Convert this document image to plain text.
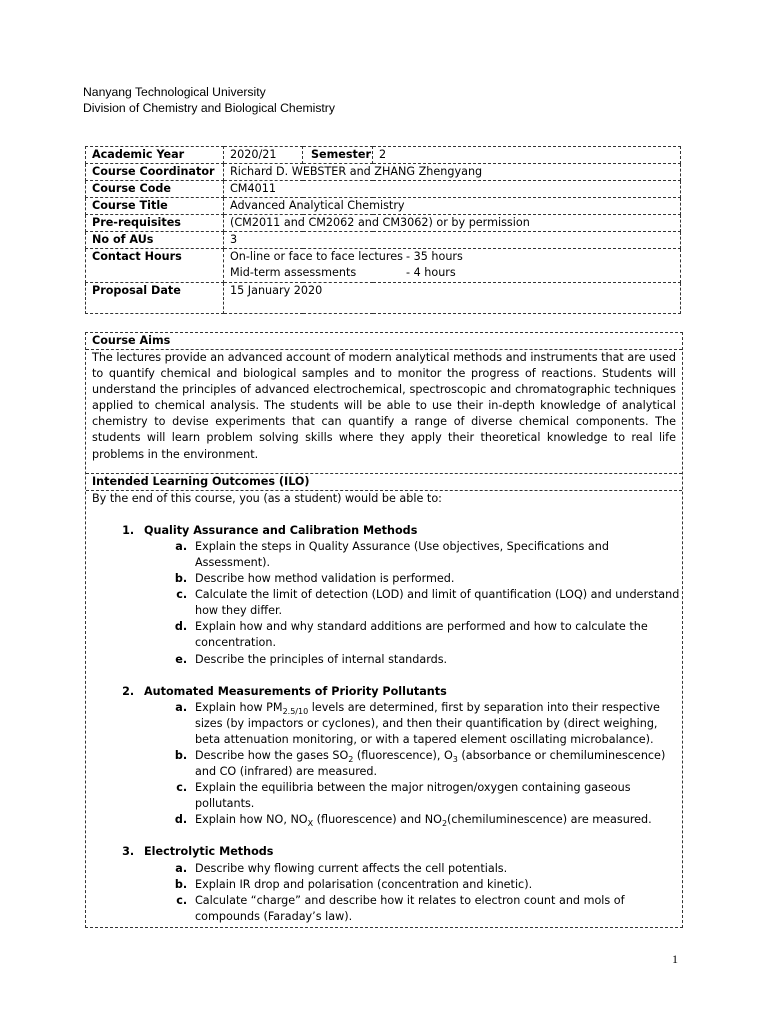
Nanyang Technological University
Division of Chemistry and Biological Chemistry
Academic Year	2020/21	Semester	2
Course Coordinator	Richard D. WEBSTER and ZHANG Zhengyang		
Course Code	CM4011		
Course Title	Advanced Analytical Chemistry		
Pre-requisites	(CM2011 and CM2062 and CM3062) or by permission		
No of AUs	3		
Contact Hours	On-line or face to face lectures - 35 hours
Mid-term assessments - 4 hours		

Proposal Date	15 January 2020		
Course Aims
The lectures provide an advanced account of modern analytical methods and instruments that are used to quantify chemical and biological samples and to monitor the progress of reactions. Students will understand the principles of advanced electrochemical, spectroscopic and chromatographic techniques applied to chemical analysis. The students will be able to use their in-depth knowledge of analytical chemistry to devise experiments that can quantify a range of diverse chemical components. The students will learn problem solving skills where they apply their theoretical knowledge to real life problems in the environment.
Intended Learning Outcomes (ILO)
By the end of this course, you (as a student) would be able to:
1. Quality Assurance and Calibration Methods
a. Explain the steps in Quality Assurance (Use objectives, Specifications and Assessment).
b. Describe how method validation is performed.
c. Calculate the limit of detection (LOD) and limit of quantification (LOQ) and understand how they differ.
d. Explain how and why standard additions are performed and how to calculate the concentration.
e. Describe the principles of internal standards.
2. Automated Measurements of Priority Pollutants
a. Explain how $PM_{2.5/10}$ levels are determined, first by separation into their respective sizes (by impactors or cyclones), and then their quantification by (direct weighing, beta attenuation monitoring, or with a tapered element oscillating microbalance).
b. Describe how the gases $SO_2$ (fluorescence), $O_3$ (absorbance or chemiluminescence) and CO (infrared) are measured.
c. Explain the equilibria between the major nitrogen/oxygen containing gaseous pollutants.
d. Explain how NO, $NO_X$ (fluorescence) and $NO_2(chemiluminescence)$ are measured.
3. Electrolytic Methods
a. Describe why flowing current affects the cell potentials.
b. Explain IR drop and polarisation (concentration and kinetic).
c. Calculate “charge” and describe how it relates to electron count and mols of compounds (Faraday’s law).
1
